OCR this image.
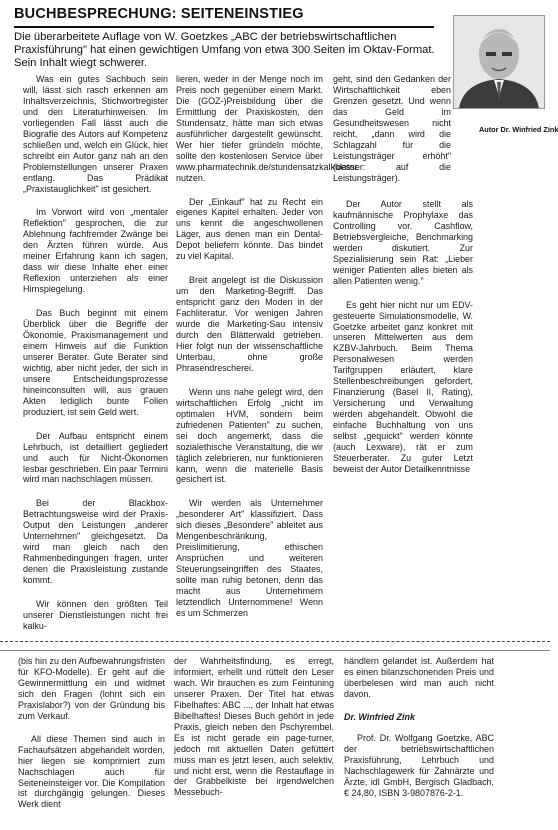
BUCHBESPRECHUNG: SEITENEINSTIEG
Die überarbeitete Auflage von W. Goetzkes „ABC der betriebswirtschaftlichen Praxisführung" hat einen gewichtigen Umfang von etwa 300 Seiten im Oktav-Format. Sein Inhalt wiegt schwerer.
Autor Dr. Winfried Zink

Was ein gutes Sachbuch sein will, lässt sich rasch erkennen am Inhaltsverzeichnis, Stichwortregister und den Literaturhinweisen. Im vorliegenden Fall lässt auch die Biografie des Autors auf Kompetenz schließen und, welch ein Glück, hier schreibt ein Autor ganz nah an den Problemstellungen unserer Praxen entlang. Das Prädikat „Praxistauglichkeit" ist gesichert.

Im Vorwort wird von „mentaler Reflektion" gesprochen, die zur Ablehnung fachfremder Zwänge bei den Ärzten führen würde. Aus meiner Erfahrung kann ich sagen, dass wir diese Inhalte eher einer Reflexion unterziehen als einer Hirnspiegelung.

Das Buch beginnt mit einem Überblick über die Begriffe der Ökonomie, Praxismanagement und einem Hinweis auf die Funktion unserer Berater. Gute Berater sind wichtig, aber nicht jeder, der sich in unsere Entscheidungsprozesse hineinconsulten will, aus grauen Akten lediglich bunte Folien produziert, ist sein Geld wert.

Der Aufbau entspricht einem Lehrbuch, ist detailliert gegliedert und auch für Nicht-Ökonomen lesbar geschrieben. Ein paar Termini wird man nachschlagen müssen.

Bei der Blackbox-Betrachtungsweise wird der Praxis-Output den Leistungen „anderer Unternehmen" gleichgesetzt. Da wird man gleich nach den Rahmenbedingungen fragen, unter denen die Praxisleistung zustande kommt.

Wir können den größten Teil unserer Dienstleistungen nicht frei kalku-

lieren, weder in der Menge noch im Preis noch gegenüber einem Markt. Die (GOZ-)Preisbildung über die Ermittlung der Praxiskosten, den Stundensatz, hätte man sich etwas ausführlicher dargestellt gewünscht. Wer hier tiefer gründeln möchte, sollte den kostenlosen Service über www.pharmatechnik.de/stundensatzkalkulator nutzen.

Der „Einkauf" hat zu Recht ein eigenes Kapitel erhalten. Jeder von uns kennt die angeschwollenen Läger, aus denen man ein Dental-Depot beliefern könnte. Das bindet zu viel Kapital.

Breit angelegt ist die Diskussion um den Marketing-Begriff. Das entspricht ganz den Moden in der Fachliteratur. Vor wenigen Jahren wurde die Marketing-Sau intensiv durch den Blätterwald getrieben. Hier folgt nun der wissenschaftliche Unterbau, ohne große Phrasendrescherei.

Wenn uns nahe gelegt wird, den wirtschaftlichen Erfolg „nicht im optimalen HVM, sondern beim zufriedenen Patienten" zu suchen, sei doch angemerkt, dass die sozialethische Veranstaltung, die wir täglich zelebrieren, nur funktionieren kann, wenn die materielle Basis gesichert ist.

Wir werden als Unternehmer „besonderer Art" klassifiziert. Dass sich dieses „Besondere" ableitet aus Mengenbeschränkung, Preislimitierung, ethischen Ansprüchen und weiteren Steuerungseingriffen des Staates, sollte man ruhig betonen, denn das macht aus Unternehmern letztendlich Unternommene! Wenn es um Schmerzen

geht, sind den Gedanken der Wirtschaftlichkeit eben Grenzen gesetzt. Und wenn das Geld im Gesundheitswesen nicht reicht, „dann wird die Schlagzahl für die Leistungsträger erhöht" (besser: auf die Leistungsträger).

Der Autor stellt als kaufmännische Prophylaxe das Controlling vor. Cashflow, Betriebsvergleiche, Benchmarking werden diskutiert. Zur Spezialisierung sein Rat: „Lieber weniger Patienten alles bieten als allen Patienten wenig."

Es geht hier nicht nur um EDV-gesteuerte Simulationsmodelle, W. Goetzke arbeitet ganz konkret mit unseren Mittelwerten aus dem KZBV-Jahrbuch. Beim Thema Personalwesen werden Tarifgruppen erläutert, klare Stellenbeschreibungen gefordert, Finanzierung (Basel II, Rating), Versicherung und Verwaltung werden abgehandelt. Obwohl die einfache Buchhaltung von uns selbst „gequickt" werden könnte (auch Lexware), rät er zum Steuerberater. Zu guter Letzt beweist der Autor Detailkenntnisse

(bis hin zu den Aufbewahrungsfristen für KFO-Modelle). Er geht auf die Gewinnermittlung ein und widmet sich den Fragen (lohnt sich ein Praxislabor?) von der Gründung bis zum Verkauf.

All diese Themen sind auch in Fachaufsätzen abgehandelt worden, hier liegen sie komprimiert zum Nachschlagen auch für Seiteneinsteiger vor. Die Kompilation ist durchgängig gelungen. Dieses Werk dient

der Wahrheitsfindung, es erregt, informiert, erhellt und rüttelt den Leser wach. Wir brauchen es zum Feintuning unserer Praxen. Der Titel hat etwas Fibelhaftes: ABC ..., der Inhalt hat etwas Bibelhaftes! Dieses Buch gehört in jede Praxis, gleich neben den Pschyrembel. Es ist nicht gerade ein page-turner, jedoch mit aktuellen Daten gefüttert muss man es jetzt lesen, auch selektiv, und nicht erst, wenn die Restauflage in der Grabbelkiste bei irgendwelchen Messebuch-

händlern gelandet ist. Außerdem hat es einen bilanzschonenden Preis und überbelesen wird man auch nicht davon.

Dr. Winfried Zink

Prof. Dr. Wolfgang Goetzke, ABC der betriebswirtschaftlichen Praxisführung, Lehrbuch und Nachschlagewerk für Zahnärzte und Ärzte, idl GmbH, Bergisch Gladbach, € 24,80, ISBN 3-9807876-2-1.
